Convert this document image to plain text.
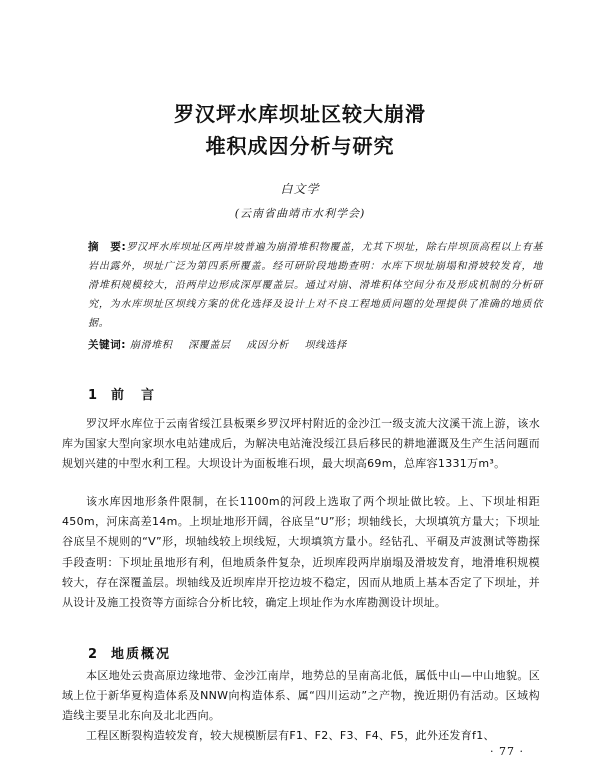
罗汉坪水库坝址区较大崩滑
堆积成因分析与研究
白文学
(云南省曲靖市水利学会)
摘　要:罗汉坪水库坝址区两岸坡普遍为崩滑堆积物覆盖，尤其下坝址，除右岸坝顶高程以上有基岩出露外，坝址广泛为第四系所覆盖。经可研阶段地勘查明：水库下坝址崩塌和滑坡较发育，地滑堆积规模较大，沿两岸边形成深厚覆盖层。通过对崩、滑堆积体空间分布及形成机制的分析研究，为水库坝址区坝线方案的优化选择及设计上对不良工程地质问题的处理提供了准确的地质依据。
关键词: 崩滑堆积 深覆盖层 成因分析 坝线选择
1 前　言

罗汉坪水库位于云南省绥江县板栗乡罗汉坪村附近的金沙江一级支流大汶溪干流上游，该水库为国家大型向家坝水电站建成后，为解决电站淹没绥江县后移民的耕地灌溉及生产生活问题而规划兴建的中型水利工程。大坝设计为面板堆石坝，最大坝高69m，总库容1331万m³。

该水库因地形条件限制，在长1100m的河段上选取了两个坝址做比较。上、下坝址相距450m，河床高差14m。上坝址地形开阔，谷底呈“U”形；坝轴线长，大坝填筑方量大；下坝址谷底呈不规则的“V”形，坝轴线较上坝线短，大坝填筑方量小。经钻孔、平硐及声波测试等勘探手段查明：下坝址虽地形有利，但地质条件复杂，近坝库段两岸崩塌及滑坡发育，地滑堆积规模较大，存在深覆盖层。坝轴线及近坝库岸开挖边坡不稳定，因而从地质上基本否定了下坝址，并从设计及施工投资等方面综合分析比较，确定上坝址作为水库勘测设计坝址。

2 地质概况

本区地处云贵高原边缘地带、金沙江南岸，地势总的呈南高北低，属低中山—中山地貌。区域上位于新华夏构造体系及NNW向构造体系、属“四川运动”之产物，挽近期仍有活动。区域构造线主要呈北东向及北北西向。

工程区断裂构造较发育，较大规模断层有F1、F2、F3、F4、F5，此外还发育f1、

· 77 ·
